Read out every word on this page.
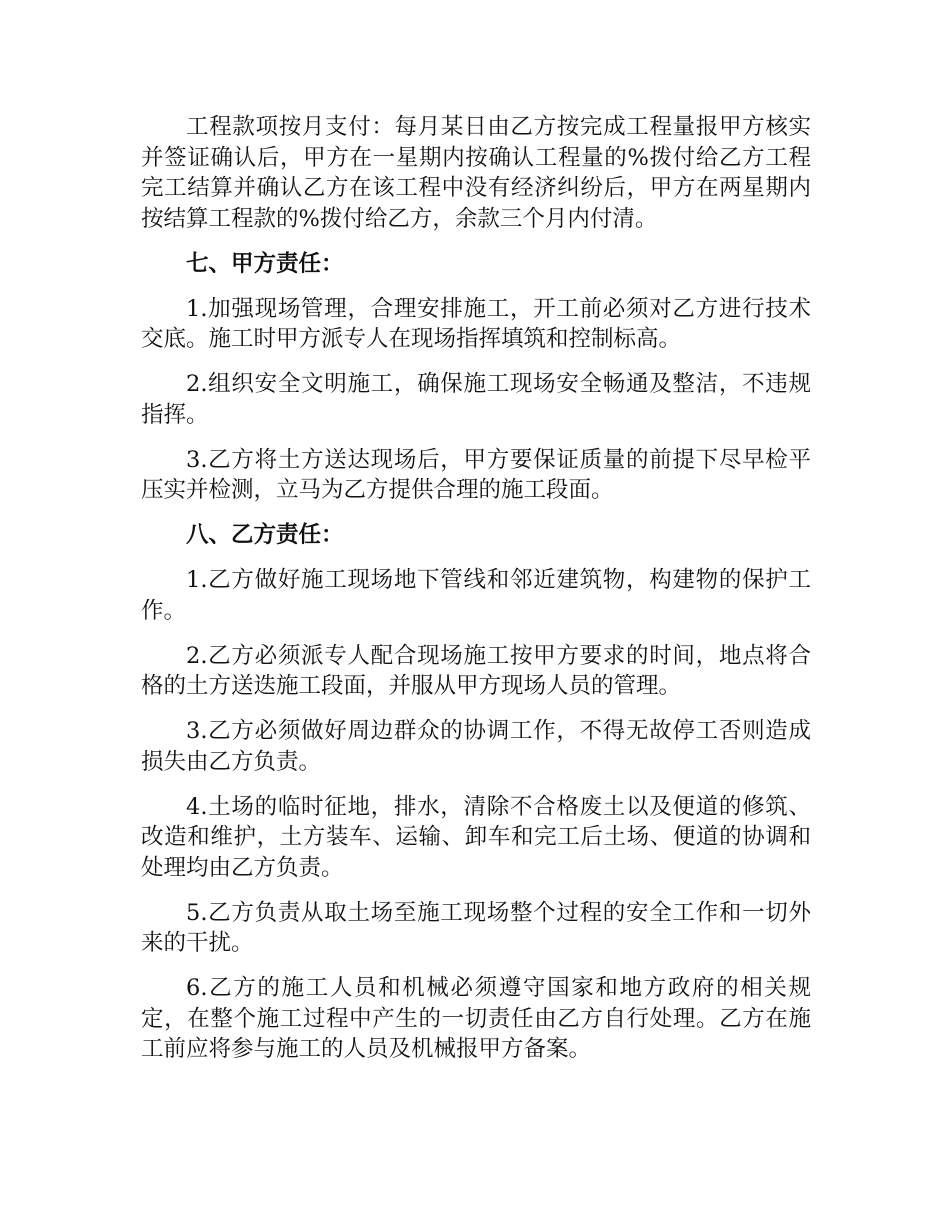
工程款项按月支付：每月某日由乙方按完成工程量报甲方核实并签证确认后，甲方在一星期内按确认工程量的%拨付给乙方工程完工结算并确认乙方在该工程中没有经济纠纷后，甲方在两星期内按结算工程款的%拨付给乙方，余款三个月内付清。

七、甲方责任：

1.加强现场管理，合理安排施工，开工前必须对乙方进行技术交底。施工时甲方派专人在现场指挥填筑和控制标高。

2.组织安全文明施工，确保施工现场安全畅通及整洁，不违规指挥。

3.乙方将土方送达现场后，甲方要保证质量的前提下尽早检平压实并检测，立马为乙方提供合理的施工段面。

八、乙方责任：

1.乙方做好施工现场地下管线和邻近建筑物，构建物的保护工作。

2.乙方必须派专人配合现场施工按甲方要求的时间，地点将合格的土方送迭施工段面，并服从甲方现场人员的管理。

3.乙方必须做好周边群众的协调工作，不得无故停工否则造成损失由乙方负责。

4.土场的临时征地，排水，清除不合格废土以及便道的修筑、改造和维护，土方装车、运输、卸车和完工后土场、便道的协调和处理均由乙方负责。

5.乙方负责从取土场至施工现场整个过程的安全工作和一切外来的干扰。

6.乙方的施工人员和机械必须遵守国家和地方政府的相关规定，在整个施工过程中产生的一切责任由乙方自行处理。乙方在施工前应将参与施工的人员及机械报甲方备案。
